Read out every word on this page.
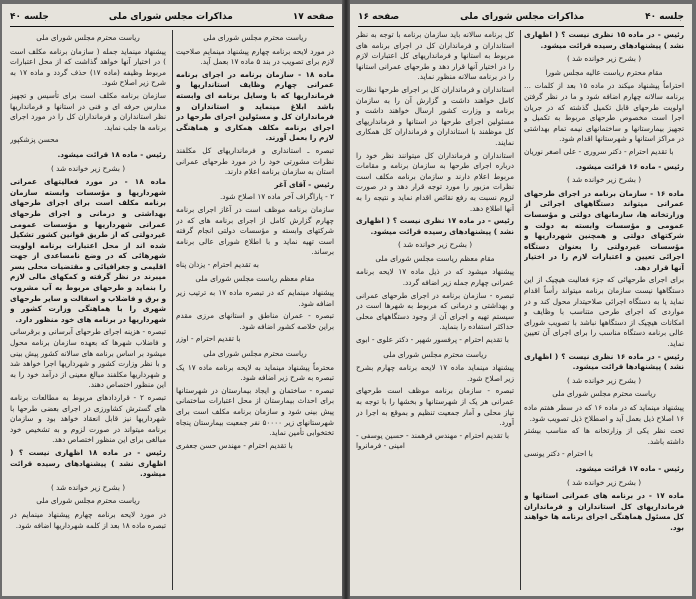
صفحه ۱۷
مذاکرات مجلس شورای ملی
جلسه ۴۰

ریاست محترم مجلس شورای ملی

در مورد لایحه برنامه چهارم پیشنهاد مینمایم صلاحیت لازم برای تصویب در بند ۵ ماده ۱۷ بعمل آید.

ماده ۱۸ - سازمان برنامه در اجرای برنامه عمرانی چهارم وظایف استانداریها و فرمانداریها که با وسایل برنامه ای وابسته باشد ابلاغ مینماید و استانداران و فرمانداران کل و مسئولین اجرای طرحها در اجرای برنامه مکلف همکاری و هماهنگی لازم را بعمل آورند.

تبصره ـ استانداری و فرمانداریهای کل مکلفند نظرات مشورتی خود را در مورد طرحهای عمرانی استان به سازمان برنامه اعلام دارند.

رئیس - آقای آغر

۲ - پاراگراف آخر ماده ۱۷ اصلاح شود.

سازمان برنامه موظف است در آغاز اجرای برنامه چهارم گزارش کامل از اجرای برنامه های که در شرکتهای وابسته و مؤسسات دولتی انجام گرفته است تهیه نماید و با اطلاع شورای عالی برنامه برساند.

به تقدیم احترام - یزدان پناه

مقام معظم ریاست مجلس شورای ملی

پیشنهاد مینمایم که در تبصره ماده ۱۷ به ترتیب زیر اضافه شود.

تبصره - عمران مناطق و استانهای مرزی مقدم براین خلاصه کشور اضافه شود.

با تقدیم احترام - اوزر

ریاست محترم مجلس شورای ملی

محترماً پیشنهاد مینماید به لایحه برنامه ماده ۱۷ یک تبصره به شرح زیر اضافه شود.

تبصره - ساختمان و ایجاد بیمارستان در شهرستانها برای احداث بیمارستان از محل اعتبارات ساختمانی پیش بینی شود و سازمان برنامه مکلف است برای شهرستانهای زیر ۵۰۰۰۰ نفر جمعیت بیمارستان پنجاه تختخوابی تأمین نماید.

با تقدیم احترام - مهندس حسن جعفری

ریاست محترم مجلس شورای ملی

پیشنهاد مینماید جمله ( سازمان برنامه مکلف است ) در اختیار آنها خواهد گذاشت که از محل اعتبارات مربوط وظیفه (ماده ۱۷) حذف گردد و ماده ۱۷ به شرح زیر اصلاح شود.

سازمان برنامه مکلف است برای تأسیس و تجهیز مدارس حرفه ای و فنی در استانها و فرمانداریها نظر استانداران و فرمانداران کل را در مورد اجرای برنامه ها جلب نماید.

محسن پزشکپور

رئیس - ماده ۱۸ قرائت میشود.

( بشرح زیر خوانده شد )

ماده ۱۸ - در مورد فعالیتهای عمرانی شهرداریها و مؤسسات وابسته سازمان برنامه مکلف است برای اجرای طرحهای بهداشتی و درمانی و اجرای طرحهای عمرانی شهرداریها و مؤسسات عمومی غیردولتی که از طریق قوانین کشور تشکیل شده اند از محل اعتبارات برنامه اولویت شهرهائی که در وضع نامساعدی از جهت اقلیمی و جغرافیائی و مقتضیات محلی بسر میبرند در نظر گرفته و کمکهای مالی لازم را بنماید و طرحهای مربوط به آب مشروب و برق و فاضلاب و اسفالت و سایر طرحهای شهری را با هماهنگی وزارت کشور و شهرداریها در برنامه های خود منظور دارد.

تبصره - هزینه اجرای طرحهای آبرسانی و برقرسانی و فاضلاب شهرها که بعهده سازمان برنامه محول میشود بر اساس برنامه های سالانه کشور پیش بینی و با نظر وزارت کشور و شهرداریها اجرا خواهد شد و شهرداریها مکلفند مبالغ معینی از درآمد خود را به این منظور اختصاص دهند.

تبصره ۲ - قراردادهای مربوط به مطالعات برنامه های گسترش کشاورزی در اجرای بعضی طرحها با شهرداریها نیز قابل انعقاد خواهد بود و سازمان برنامه میتواند در صورت لزوم و به تشخیص خود مبالغی برای این منظور اختصاص دهد.

رئیس - در ماده ۱۸ اظهاری نیست ؟ ( اظهاری نشد ) پیشنهادهای رسیده قرائت میشود.

( بشرح زیر خوانده شد )

ریاست محترم مجلس شورای ملی

در مورد لایحه برنامه چهارم پیشنهاد مینمایم در تبصره ماده ۱۸ بعد از کلمه شهرداریها اضافه شود.

جلسه ۴۰
مذاکرات مجلس شورای ملی
صفحه ۱۶

رئیس - در ماده ۱۵ نظری نیست ؟ ( اظهاری نشد ) پیشنهادهای رسیده قرائت میشود.

( بشرح زیر خوانده شد )

مقام محترم ریاست عالیه مجلس شورا

احتراماً پیشنهاد میکند در ماده ۱۵ بعد از کلمات ... برنامه سالانه چهارم اضافه شود و ما در نظر گرفتن اولویت طرحهای قابل تکمیل گذشته که در جریان اجرا است مخصوص طرحهای مربوط به تکمیل و تجهیز بیمارستانها و ساختمانهای نیمه تمام بهداشتی در مراکز استانها و شهرستانها اقدام شود.

با تقدیم احترام - دکتر سروری - علی اصغر نوریان

رئیس - ماده ۱۶ قرائت میشود.

( بشرح زیر خوانده شد )

ماده ۱۶ - سازمان برنامه در اجرای طرحهای عمرانی میتواند دستگاههای اجرائی از وزارتخانه ها، سازمانهای دولتی و مؤسسات عمومی و مؤسسات وابسته به دولت و شرکتهای دولتی و همچنین شهرداریها و مؤسسات غیردولتی را بعنوان دستگاه اجرائی تعیین و اعتبارات لازم را در اختیار آنها قرار دهد.

برای اجرای طرحهائی که جزء فعالیت هیچیک از این دستگاهها نیست سازمان برنامه میتواند رأساً اقدام نماید یا به دستگاه اجرائی صلاحیتدار محول کند و در مواردی که اجرای طرحی متناسب با وظایف و امکانات هیچیک از دستگاهها نباشد با تصویب شورای عالی برنامه دستگاه مناسب را برای اجرای آن تعیین نماید.

رئیس - در ماده ۱۶ نظری نیست ؟ ( اظهاری نشد ) پیشنهادها قرائت میشود.

( بشرح زیر خوانده شد )

ریاست محترم مجلس شورای ملی

پیشنهاد مینماید که در ماده ۱۶ که در سطر هفتم ماده ۱۶ اصلاح ذیل بعمل آید و اصطلاح ذیل تصویب شود.

تحت نظر یکی از وزارتخانه ها که مناسب بیشتر داشته باشد.

با احترام - دکتر یونسی

رئیس - ماده ۱۷ قرائت میشود.

( بشرح زیر خوانده شد )

ماده ۱۷ - در برنامه های عمرانی استانها و فرمانداریهای کل استانداران و فرمانداران کل مسئول هماهنگی اجرای برنامه ها خواهند بود.

کل برنامه سالانه باید سازمان برنامه با توجه به نظر استانداران و فرمانداران کل در اجرای برنامه های مربوط به استانها و فرمانداریهای کل اعتبارات لازم را در اختیار آنها قرار دهد و طرحهای عمرانی استانها را در برنامه سالانه منظور نماید.

استانداران و فرمانداران کل بر اجرای طرحها نظارت کامل خواهند داشت و گزارش آن را به سازمان برنامه و وزارت کشور ارسال خواهند داشت و مسئولین اجرای طرحها در استانها و فرمانداریهای کل موظفند با استانداران و فرمانداران کل همکاری نمایند.

استانداران و فرمانداران کل میتوانند نظر خود را درباره اجرای طرحها به سازمان برنامه و مقامات مربوط اعلام دارند و سازمان برنامه مکلف است نظرات مزبور را مورد توجه قرار دهد و در صورت لزوم نسبت به رفع نقائص اقدام نماید و نتیجه را به آنها اطلاع دهد.

رئیس - در ماده ۱۷ نظری نیست ؟ ( اظهاری نشد ) پیشنهادهای رسیده قرائت میشود.

( بشرح زیر خوانده شد )

مقام معظم ریاست مجلس شورای ملی

پیشنهاد میشود که در ذیل ماده ۱۷ لایحه برنامه عمرانی چهارم جمله زیر اضافه گردد.

تبصره - سازمان برنامه در اجرای طرحهای عمرانی و بهداشتی و درمانی که مربوط به شهرها است در سیستم تهیه و اجرای آن از وجود دستگاههای محلی حداکثر استفاده را بنماید.

با تقدیم احترام - پرفسور شهپر - دکتر علوی - ابوی

ریاست محترم مجلس شورای ملی

پیشنهاد مینماید ماده ۱۷ لایحه برنامه چهارم بشرح زیر اصلاح شود.

تبصره - سازمان برنامه موظف است طرحهای عمرانی هر یک از شهرستانها و بخشها را با توجه به نیاز محلی و آمار جمعیت تنظیم و بموقع به اجرا در آورد.

با تقدیم احترام - مهندس فرهمند - حسین یوسفی - امینی - فرمانروا
